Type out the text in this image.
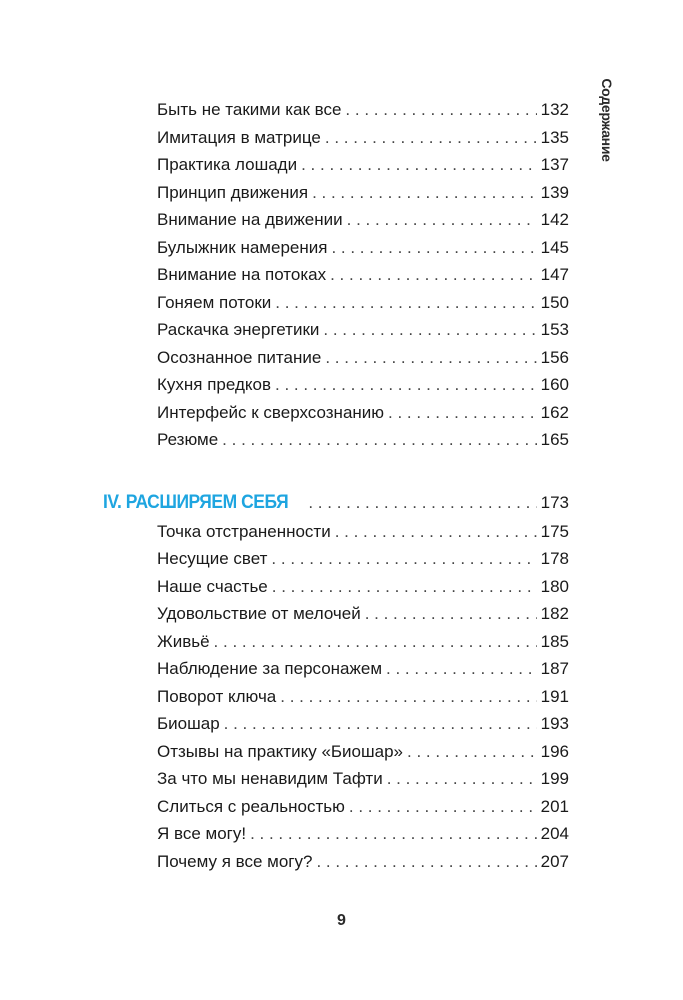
Содержание
Быть не такими как все . . .	132
Имитация в матрице . . .	135
Практика лошади . . .	137
Принцип движения . . .	139
Внимание на движении . . .	142
Булыжник намерения . . .	145
Внимание на потоках . . .	147
Гоняем потоки . . .	150
Раскачка энергетики . . .	153
Осознанное питание . . .	156
Кухня предков . . .	160
Интерфейс к сверхсознанию . . .	162
Резюме . . .	165
IV. РАСШИРЯЕМ СЕБЯ . . .	173
Точка отстраненности . . .	175
Несущие свет . . .	178
Наше счастье . . .	180
Удовольствие от мелочей . . .	182
Живьё . . .	185
Наблюдение за персонажем . . .	187
Поворот ключа . . .	191
Биошар . . .	193
Отзывы на практику «Биошар» . . .	196
За что мы ненавидим Тафти . . .	199
Слиться с реальностью . . .	201
Я все могу! . . .	204
Почему я все могу? . . .	207
9
